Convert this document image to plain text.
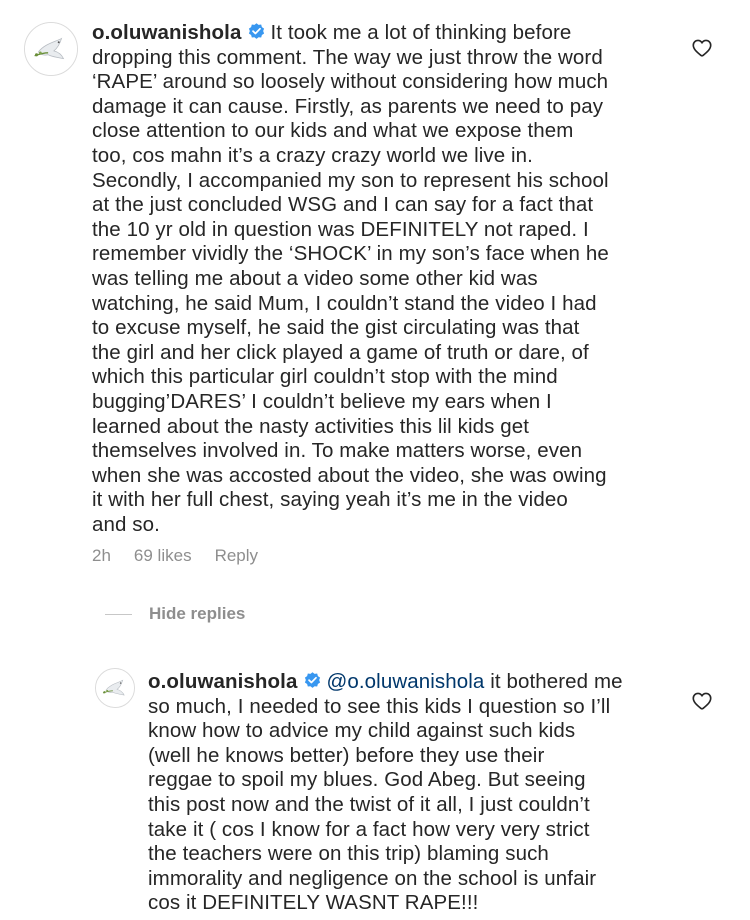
o.oluwanishola It took me a lot of thinking before
dropping this comment. The way we just throw the word
‘RAPE’ around so loosely without considering how much
damage it can cause. Firstly, as parents we need to pay
close attention to our kids and what we expose them
too, cos mahn it’s a crazy crazy world we live in.
Secondly, I accompanied my son to represent his school
at the just concluded WSG and I can say for a fact that
the 10 yr old in question was DEFINITELY not raped. I
remember vividly the ‘SHOCK’ in my son’s face when he
was telling me about a video some other kid was
watching, he said Mum, I couldn’t stand the video I had
to excuse myself, he said the gist circulating was that
the girl and her click played a game of truth or dare, of
which this particular girl couldn’t stop with the mind
bugging’DARES’ I couldn’t believe my ears when I
learned about the nasty activities this lil kids get
themselves involved in. To make matters worse, even
when she was accosted about the video, she was owing
it with her full chest, saying yeah it’s me in the video
and so.
2h 69 likes Reply
Hide replies
o.oluwanishola @o.oluwanishola it bothered me
so much, I needed to see this kids I question so I’ll
know how to advice my child against such kids
(well he knows better) before they use their
reggae to spoil my blues. God Abeg. But seeing
this post now and the twist of it all, I just couldn’t
take it ( cos I know for a fact how very very strict
the teachers were on this trip) blaming such
immorality and negligence on the school is unfair
cos it DEFINITELY WASNT RAPE!!!
